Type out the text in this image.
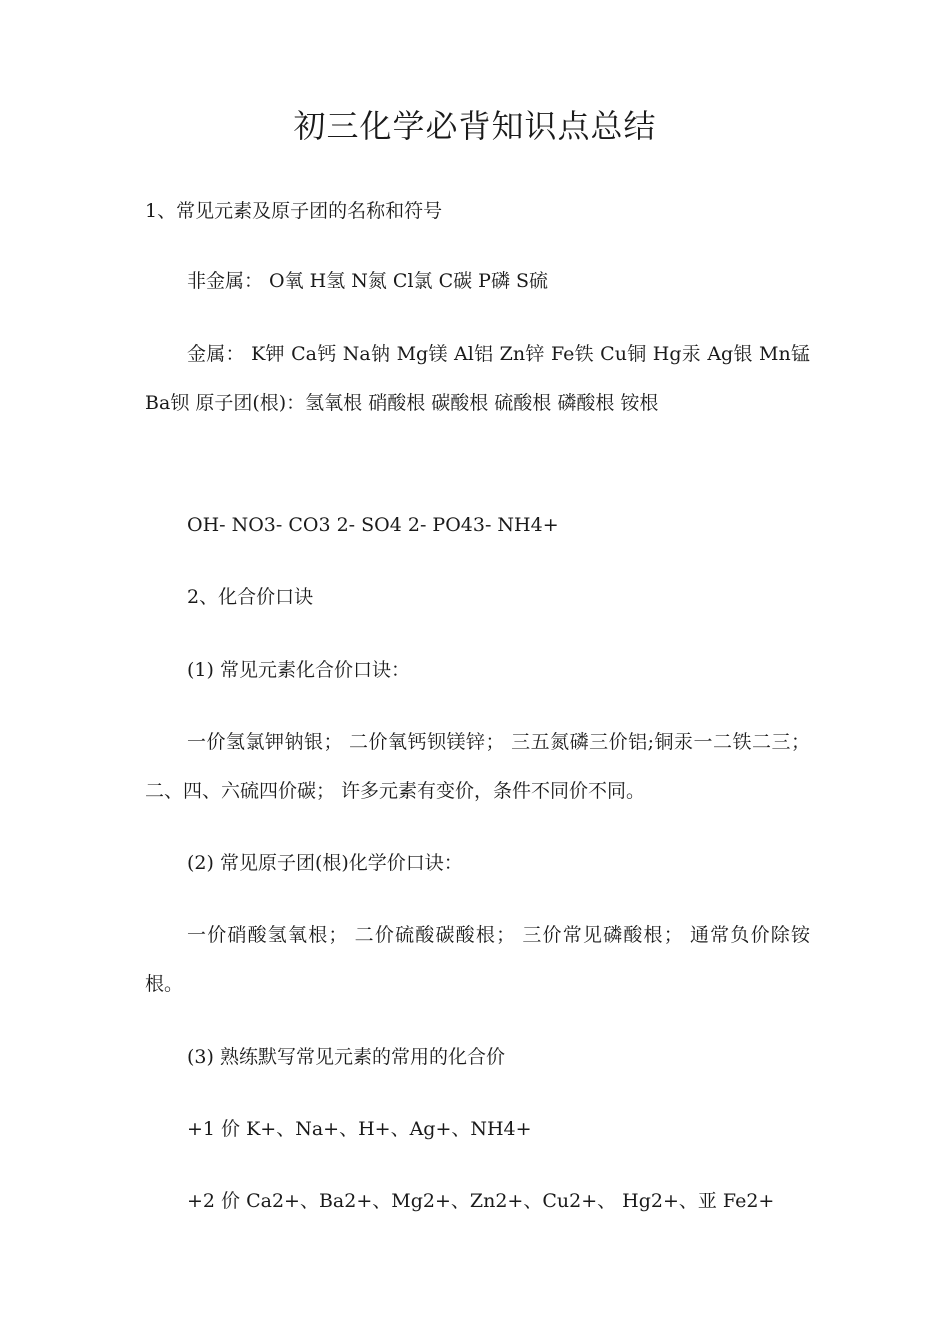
初三化学必背知识点总结
1、常见元素及原子团的名称和符号
非金属： O氧 H氢 N氮 Cl氯 C碳 P磷 S硫
金属： K钾 Ca钙 Na钠 Mg镁 Al铝 Zn锌 Fe铁 Cu铜 Hg汞 Ag银 Mn锰 Ba钡 原子团(根)：氢氧根 硝酸根 碳酸根 硫酸根 磷酸根 铵根
OH- NO3- CO3 2- SO4 2- PO43- NH4+
2、化合价口诀
(1) 常见元素化合价口诀：
一价氢氯钾钠银； 二价氧钙钡镁锌； 三五氮磷三价铝;铜汞一二铁二三； 二、四、六硫四价碳； 许多元素有变价，条件不同价不同。
(2) 常见原子团(根)化学价口诀：
一价硝酸氢氧根； 二价硫酸碳酸根； 三价常见磷酸根； 通常负价除铵根。
(3) 熟练默写常见元素的常用的化合价
+1 价 K+、Na+、H+、Ag+、NH4+
+2 价 Ca2+、Ba2+、Mg2+、Zn2+、Cu2+、 Hg2+、亚 Fe2+
